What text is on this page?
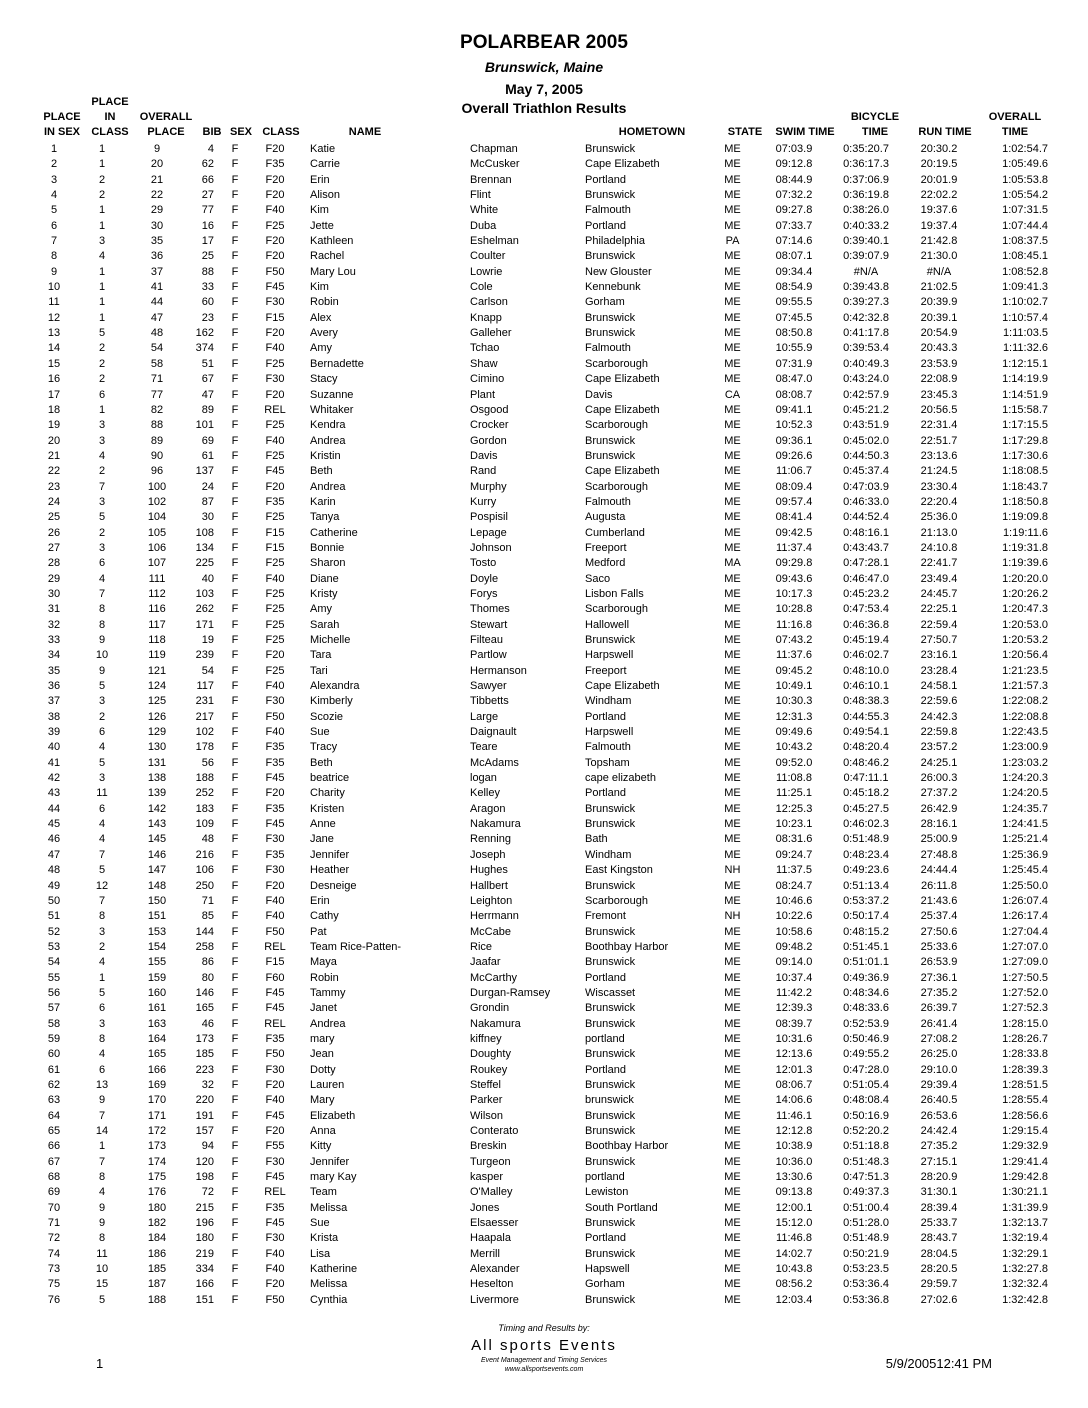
POLARBEAR 2005
Brunswick, Maine
May 7, 2005
Overall Triathlon Results
PLACE
IN SEX
PLACE
IN
CLASS
OVERALL
PLACE	BIB SEX CLASS	NAME	HOMETOWN	STATE	SWIM TIME
BICYCLE
TIME	RUN TIME
OVERALL
TIME
1	1	9	4	F	F20	Katie	Chapman	Brunswick	ME	07:03.9	0:35:20.7	20:30.2	1:02:54.7
2	1	20	62	F	F35	Carrie	McCusker	Cape Elizabeth	ME	09:12.8	0:36:17.3	20:19.5	1:05:49.6
3	2	21	66	F	F20	Erin	Brennan	Portland	ME	08:44.9	0:37:06.9	20:01.9	1:05:53.8
4	2	22	27	F	F20	Alison	Flint	Brunswick	ME	07:32.2	0:36:19.8	22:02.2	1:05:54.2
5	1	29	77	F	F40	Kim	White	Falmouth	ME	09:27.8	0:38:26.0	19:37.6	1:07:31.5
6	1	30	16	F	F25	Jette	Duba	Portland	ME	07:33.7	0:40:33.2	19:37.4	1:07:44.4
7	3	35	17	F	F20	Kathleen	Eshelman	Philadelphia	PA	07:14.6	0:39:40.1	21:42.8	1:08:37.5
8	4	36	25	F	F20	Rachel	Coulter	Brunswick	ME	08:07.1	0:39:07.9	21:30.0	1:08:45.1
9	1	37	88	F	F50	Mary Lou	Lowrie	New Glouster	ME	09:34.4	#N/A	#N/A	1:08:52.8
10	1	41	33	F	F45	Kim	Cole	Kennebunk	ME	08:54.9	0:39:43.8	21:02.5	1:09:41.3
11	1	44	60	F	F30	Robin	Carlson	Gorham	ME	09:55.5	0:39:27.3	20:39.9	1:10:02.7
12	1	47	23	F	F15	Alex	Knapp	Brunswick	ME	07:45.5	0:42:32.8	20:39.1	1:10:57.4
13	5	48	162	F	F20	Avery	Galleher	Brunswick	ME	08:50.8	0:41:17.8	20:54.9	1:11:03.5
14	2	54	374	F	F40	Amy	Tchao	Falmouth	ME	10:55.9	0:39:53.4	20:43.3	1:11:32.6
15	2	58	51	F	F25	Bernadette	Shaw	Scarborough	ME	07:31.9	0:40:49.3	23:53.9	1:12:15.1
16	2	71	67	F	F30	Stacy	Cimino	Cape Elizabeth	ME	08:47.0	0:43:24.0	22:08.9	1:14:19.9
17	6	77	47	F	F20	Suzanne	Plant	Davis	CA	08:08.7	0:42:57.9	23:45.3	1:14:51.9
18	1	82	89	F	REL	Whitaker	Osgood	Cape Elizabeth	ME	09:41.1	0:45:21.2	20:56.5	1:15:58.7
19	3	88	101	F	F25	Kendra	Crocker	Scarborough	ME	10:52.3	0:43:51.9	22:31.4	1:17:15.5
20	3	89	69	F	F40	Andrea	Gordon	Brunswick	ME	09:36.1	0:45:02.0	22:51.7	1:17:29.8
21	4	90	61	F	F25	Kristin	Davis	Brunswick	ME	09:26.6	0:44:50.3	23:13.6	1:17:30.6
22	2	96	137	F	F45	Beth	Rand	Cape Elizabeth	ME	11:06.7	0:45:37.4	21:24.5	1:18:08.5
23	7	100	24	F	F20	Andrea	Murphy	Scarborough	ME	08:09.4	0:47:03.9	23:30.4	1:18:43.7
24	3	102	87	F	F35	Karin	Kurry	Falmouth	ME	09:57.4	0:46:33.0	22:20.4	1:18:50.8
25	5	104	30	F	F25	Tanya	Pospisil	Augusta	ME	08:41.4	0:44:52.4	25:36.0	1:19:09.8
26	2	105	108	F	F15	Catherine	Lepage	Cumberland	ME	09:42.5	0:48:16.1	21:13.0	1:19:11.6
27	3	106	134	F	F15	Bonnie	Johnson	Freeport	ME	11:37.4	0:43:43.7	24:10.8	1:19:31.8
28	6	107	225	F	F25	Sharon	Tosto	Medford	MA	09:29.8	0:47:28.1	22:41.7	1:19:39.6
29	4	111	40	F	F40	Diane	Doyle	Saco	ME	09:43.6	0:46:47.0	23:49.4	1:20:20.0
30	7	112	103	F	F25	Kristy	Forys	Lisbon Falls	ME	10:17.3	0:45:23.2	24:45.7	1:20:26.2
31	8	116	262	F	F25	Amy	Thomes	Scarborough	ME	10:28.8	0:47:53.4	22:25.1	1:20:47.3
32	8	117	171	F	F25	Sarah	Stewart	Hallowell	ME	11:16.8	0:46:36.8	22:59.4	1:20:53.0
33	9	118	19	F	F25	Michelle	Filteau	Brunswick	ME	07:43.2	0:45:19.4	27:50.7	1:20:53.2
34	10	119	239	F	F20	Tara	Partlow	Harpswell	ME	11:37.6	0:46:02.7	23:16.1	1:20:56.4
35	9	121	54	F	F25	Tari	Hermanson	Freeport	ME	09:45.2	0:48:10.0	23:28.4	1:21:23.5
36	5	124	117	F	F40	Alexandra	Sawyer	Cape Elizabeth	ME	10:49.1	0:46:10.1	24:58.1	1:21:57.3
37	3	125	231	F	F30	Kimberly	Tibbetts	Windham	ME	10:30.3	0:48:38.3	22:59.6	1:22:08.2
38	2	126	217	F	F50	Scozie	Large	Portland	ME	12:31.3	0:44:55.3	24:42.3	1:22:08.8
39	6	129	102	F	F40	Sue	Daignault	Harpswell	ME	09:49.6	0:49:54.1	22:59.8	1:22:43.5
40	4	130	178	F	F35	Tracy	Teare	Falmouth	ME	10:43.2	0:48:20.4	23:57.2	1:23:00.9
41	5	131	56	F	F35	Beth	McAdams	Topsham	ME	09:52.0	0:48:46.2	24:25.1	1:23:03.2
42	3	138	188	F	F45	beatrice	logan	cape elizabeth	ME	11:08.8	0:47:11.1	26:00.3	1:24:20.3
43	11	139	252	F	F20	Charity	Kelley	Portland	ME	11:25.1	0:45:18.2	27:37.2	1:24:20.5
44	6	142	183	F	F35	Kristen	Aragon	Brunswick	ME	12:25.3	0:45:27.5	26:42.9	1:24:35.7
45	4	143	109	F	F45	Anne	Nakamura	Brunswick	ME	10:23.1	0:46:02.3	28:16.1	1:24:41.5
46	4	145	48	F	F30	Jane	Renning	Bath	ME	08:31.6	0:51:48.9	25:00.9	1:25:21.4
47	7	146	216	F	F35	Jennifer	Joseph	Windham	ME	09:24.7	0:48:23.4	27:48.8	1:25:36.9
48	5	147	106	F	F30	Heather	Hughes	East Kingston	NH	11:37.5	0:49:23.6	24:44.4	1:25:45.4
49	12	148	250	F	F20	Desneige	Hallbert	Brunswick	ME	08:24.7	0:51:13.4	26:11.8	1:25:50.0
50	7	150	71	F	F40	Erin	Leighton	Scarborough	ME	10:46.6	0:53:37.2	21:43.6	1:26:07.4
51	8	151	85	F	F40	Cathy	Herrmann	Fremont	NH	10:22.6	0:50:17.4	25:37.4	1:26:17.4
52	3	153	144	F	F50	Pat	McCabe	Brunswick	ME	10:58.6	0:48:15.2	27:50.6	1:27:04.4
53	2	154	258	F	REL	Team Rice-Patten-	Rice	Boothbay Harbor	ME	09:48.2	0:51:45.1	25:33.6	1:27:07.0
54	4	155	86	F	F15	Maya	Jaafar	Brunswick	ME	09:14.0	0:51:01.1	26:53.9	1:27:09.0
55	1	159	80	F	F60	Robin	McCarthy	Portland	ME	10:37.4	0:49:36.9	27:36.1	1:27:50.5
56	5	160	146	F	F45	Tammy	Durgan-Ramsey	Wiscasset	ME	11:42.2	0:48:34.6	27:35.2	1:27:52.0
57	6	161	165	F	F45	Janet	Grondin	Brunswick	ME	12:39.3	0:48:33.6	26:39.7	1:27:52.3
58	3	163	46	F	REL	Andrea	Nakamura	Brunswick	ME	08:39.7	0:52:53.9	26:41.4	1:28:15.0
59	8	164	173	F	F35	mary	kiffney	portland	ME	10:31.6	0:50:46.9	27:08.2	1:28:26.7
60	4	165	185	F	F50	Jean	Doughty	Brunswick	ME	12:13.6	0:49:55.2	26:25.0	1:28:33.8
61	6	166	223	F	F30	Dotty	Roukey	Portland	ME	12:01.3	0:47:28.0	29:10.0	1:28:39.3
62	13	169	32	F	F20	Lauren	Steffel	Brunswick	ME	08:06.7	0:51:05.4	29:39.4	1:28:51.5
63	9	170	220	F	F40	Mary	Parker	brunswick	ME	14:06.6	0:48:08.4	26:40.5	1:28:55.4
64	7	171	191	F	F45	Elizabeth	Wilson	Brunswick	ME	11:46.1	0:50:16.9	26:53.6	1:28:56.6
65	14	172	157	F	F20	Anna	Conterato	Brunswick	ME	12:12.8	0:52:20.2	24:42.4	1:29:15.4
66	1	173	94	F	F55	Kitty	Breskin	Boothbay Harbor	ME	10:38.9	0:51:18.8	27:35.2	1:29:32.9
67	7	174	120	F	F30	Jennifer	Turgeon	Brunswick	ME	10:36.0	0:51:48.3	27:15.1	1:29:41.4
68	8	175	198	F	F45	mary Kay	kasper	portland	ME	13:30.6	0:47:51.3	28:20.9	1:29:42.8
69	4	176	72	F	REL	Team	O'Malley	Lewiston	ME	09:13.8	0:49:37.3	31:30.1	1:30:21.1
70	9	180	215	F	F35	Melissa	Jones	South Portland	ME	12:00.1	0:51:00.4	28:39.4	1:31:39.9
71	9	182	196	F	F45	Sue	Elsaesser	Brunswick	ME	15:12.0	0:51:28.0	25:33.7	1:32:13.7
72	8	184	180	F	F30	Krista	Haapala	Portland	ME	11:46.8	0:51:48.9	28:43.7	1:32:19.4
74	11	186	219	F	F40	Lisa	Merrill	Brunswick	ME	14:02.7	0:50:21.9	28:04.5	1:32:29.1
73	10	185	334	F	F40	Katherine	Alexander	Hapswell	ME	10:43.8	0:53:23.5	28:20.5	1:32:27.8
75	15	187	166	F	F20	Melissa	Heselton	Gorham	ME	08:56.2	0:53:36.4	29:59.7	1:32:32.4
76	5	188	151	F	F50	Cynthia	Livermore	Brunswick	ME	12:03.4	0:53:36.8	27:02.6	1:32:42.8
Timing and Results by:
All sports Events
Event Management and Timing Services
www.allsportsevents.com
1	5/9/200512:41 PM
